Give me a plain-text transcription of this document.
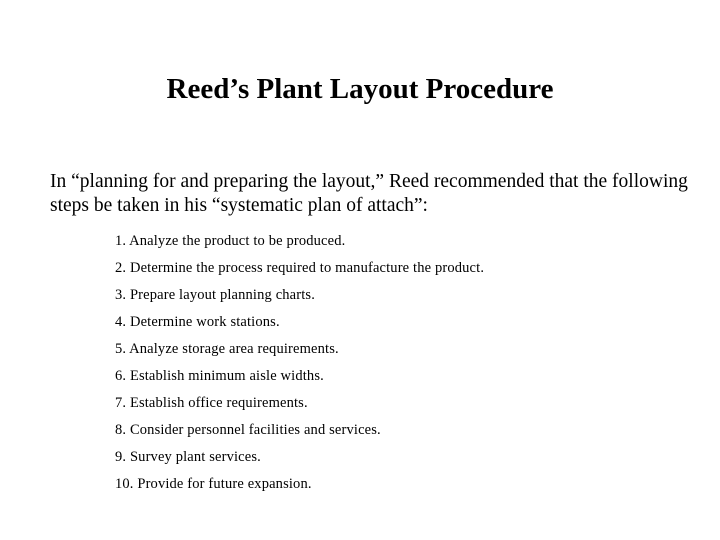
Reed’s Plant Layout Procedure

In “planning for and preparing the layout,” Reed recommended that the following steps be taken in his “systematic plan of attach”:

1. Analyze the product to be produced.
2. Determine the process required to manufacture the product.
3. Prepare layout planning charts.
4. Determine work stations.
5. Analyze storage area requirements.
6. Establish minimum aisle widths.
7. Establish office requirements.
8. Consider personnel facilities and services.
9. Survey plant services.
10. Provide for future expansion.
